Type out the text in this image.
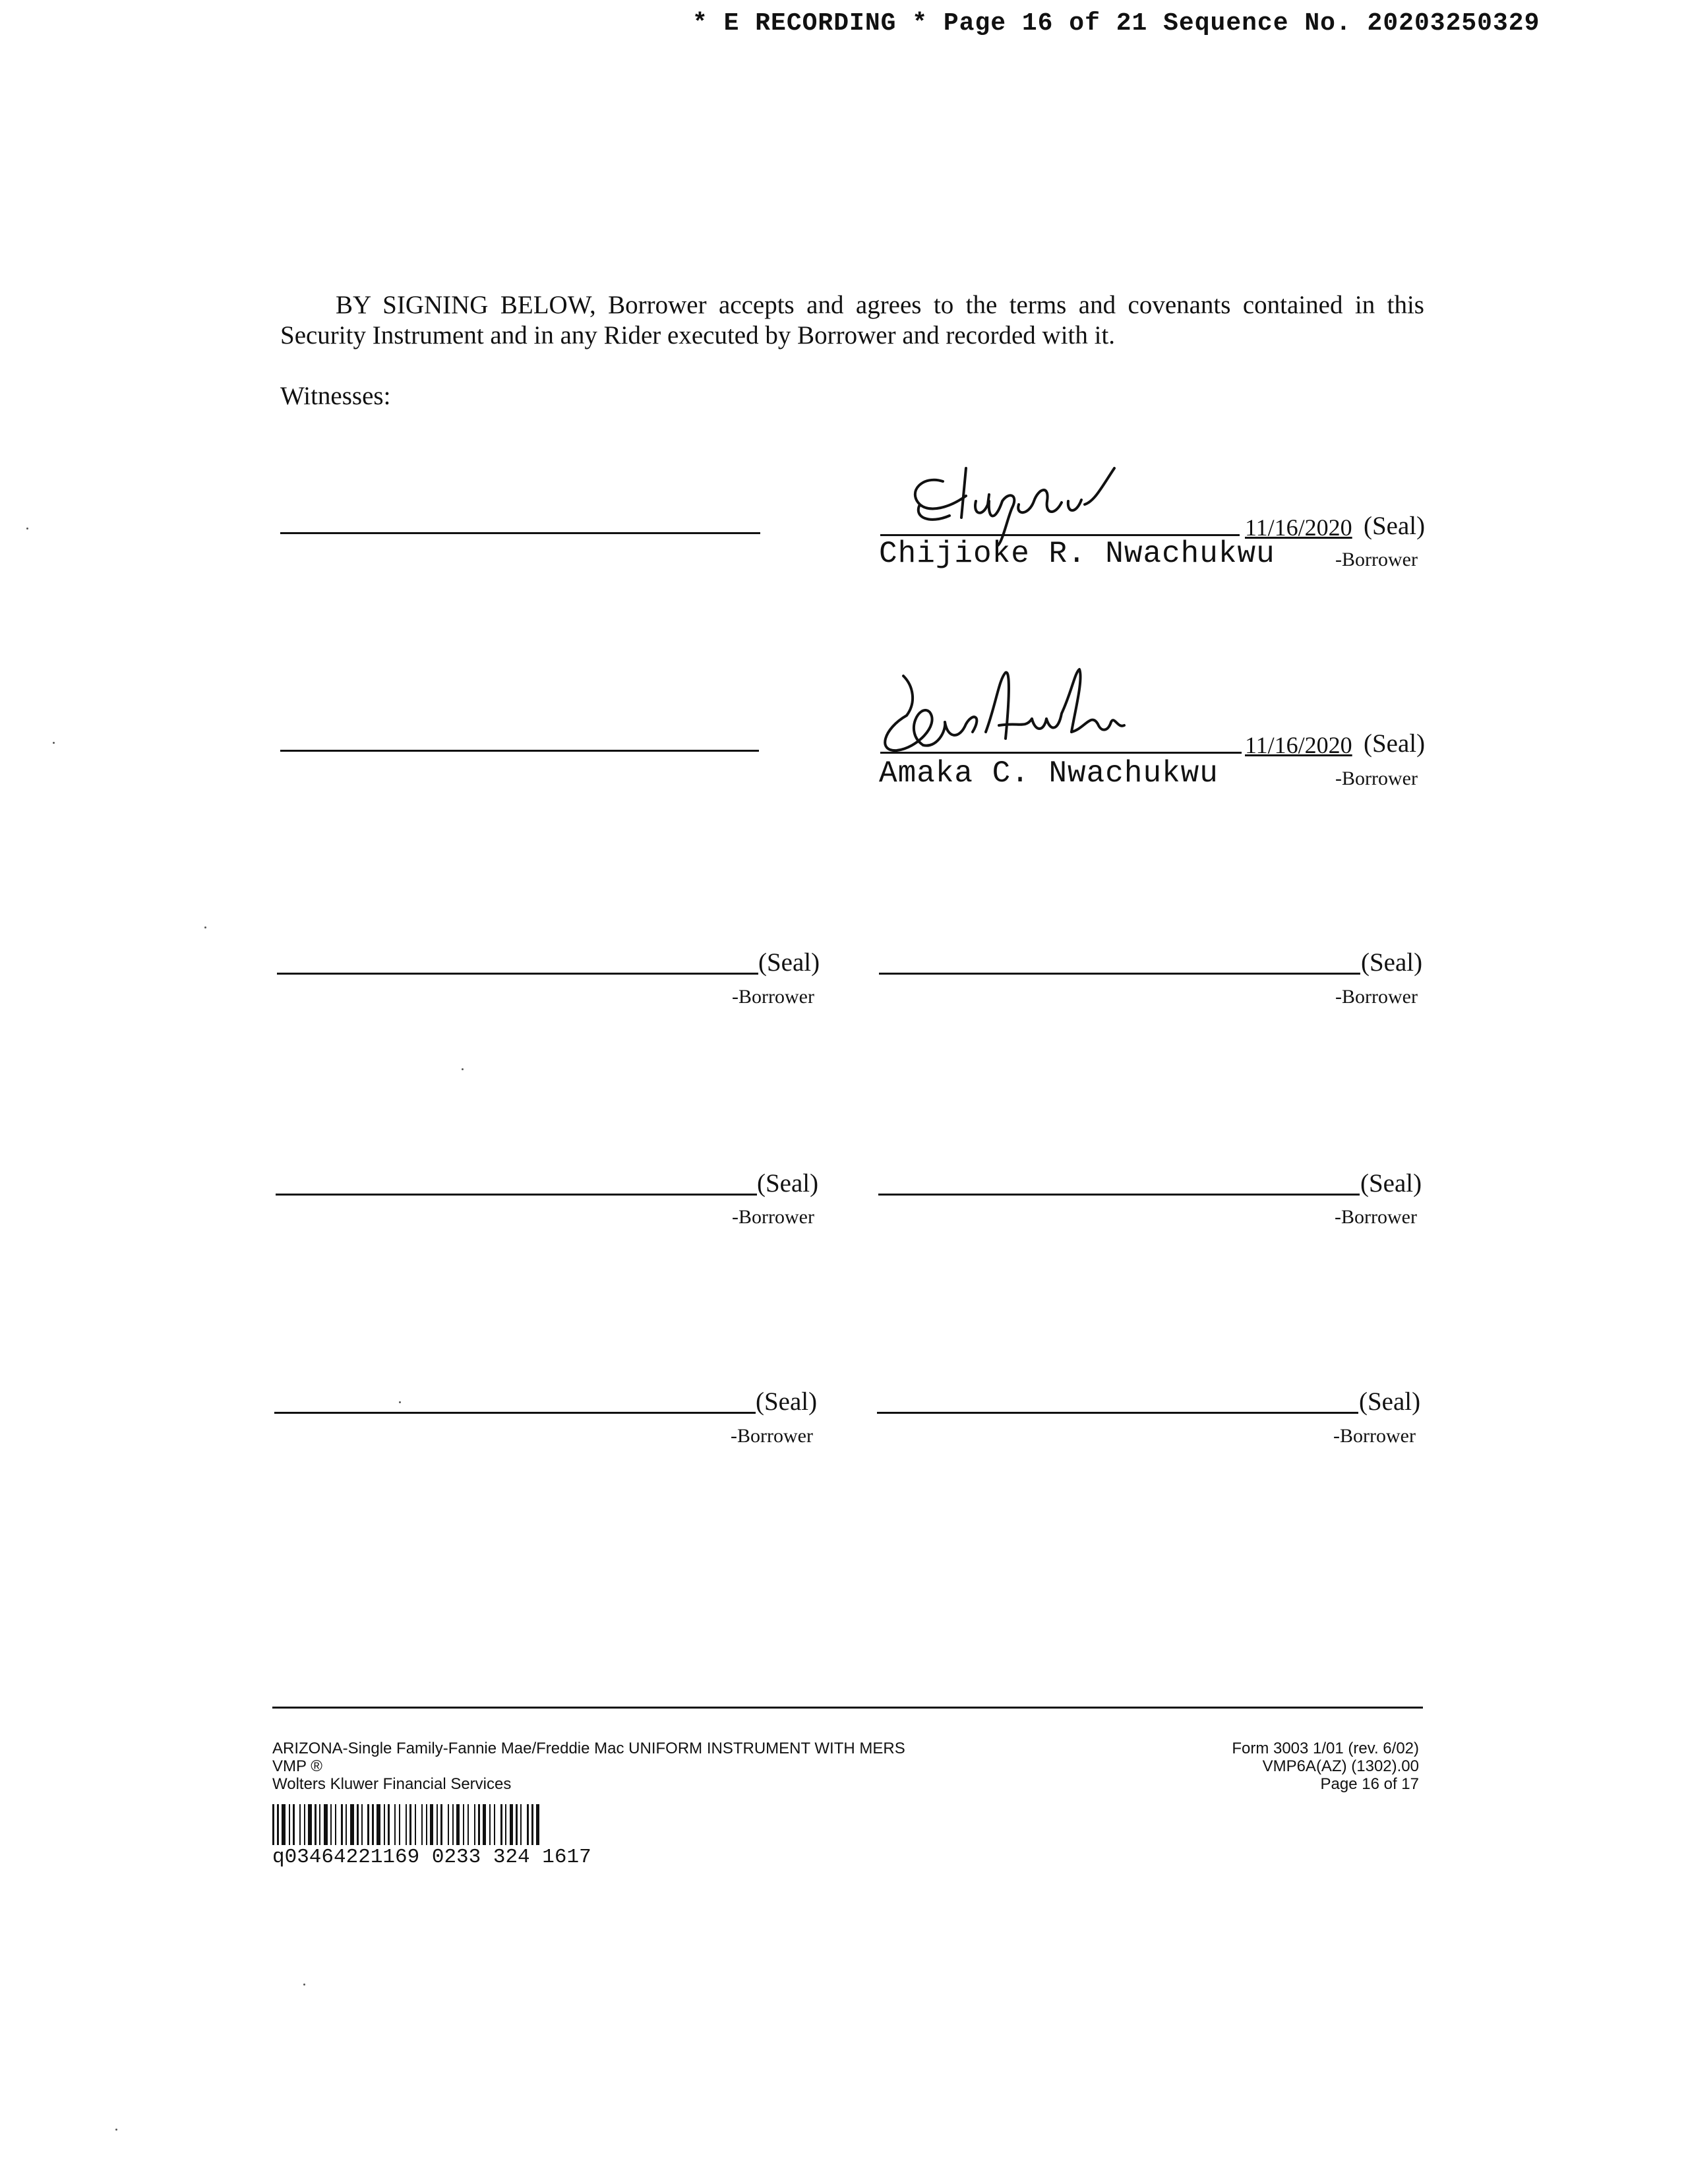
* E RECORDING * Page 16 of 21 Sequence No. 20203250329
BY SIGNING BELOW, Borrower accepts and agrees to the terms and covenants contained in this Security Instrument and in any Rider executed by Borrower and recorded with it.
Witnesses:
11/16/2020 (Seal)
Chijioke R. Nwachukwu	-Borrower
11/16/2020 (Seal)
Amaka C. Nwachukwu	-Borrower
(Seal)
-Borrower
(Seal)
-Borrower
(Seal)
-Borrower
(Seal)
-Borrower
(Seal)
-Borrower
(Seal)
-Borrower
ARIZONA-Single Family-Fannie Mae/Freddie Mac UNIFORM INSTRUMENT WITH MERS
VMP ®
Wolters Kluwer Financial Services
Form 3003 1/01 (rev. 6/02)
VMP6A(AZ) (1302).00
Page 16 of 17
q03464221169 0233 324 1617
